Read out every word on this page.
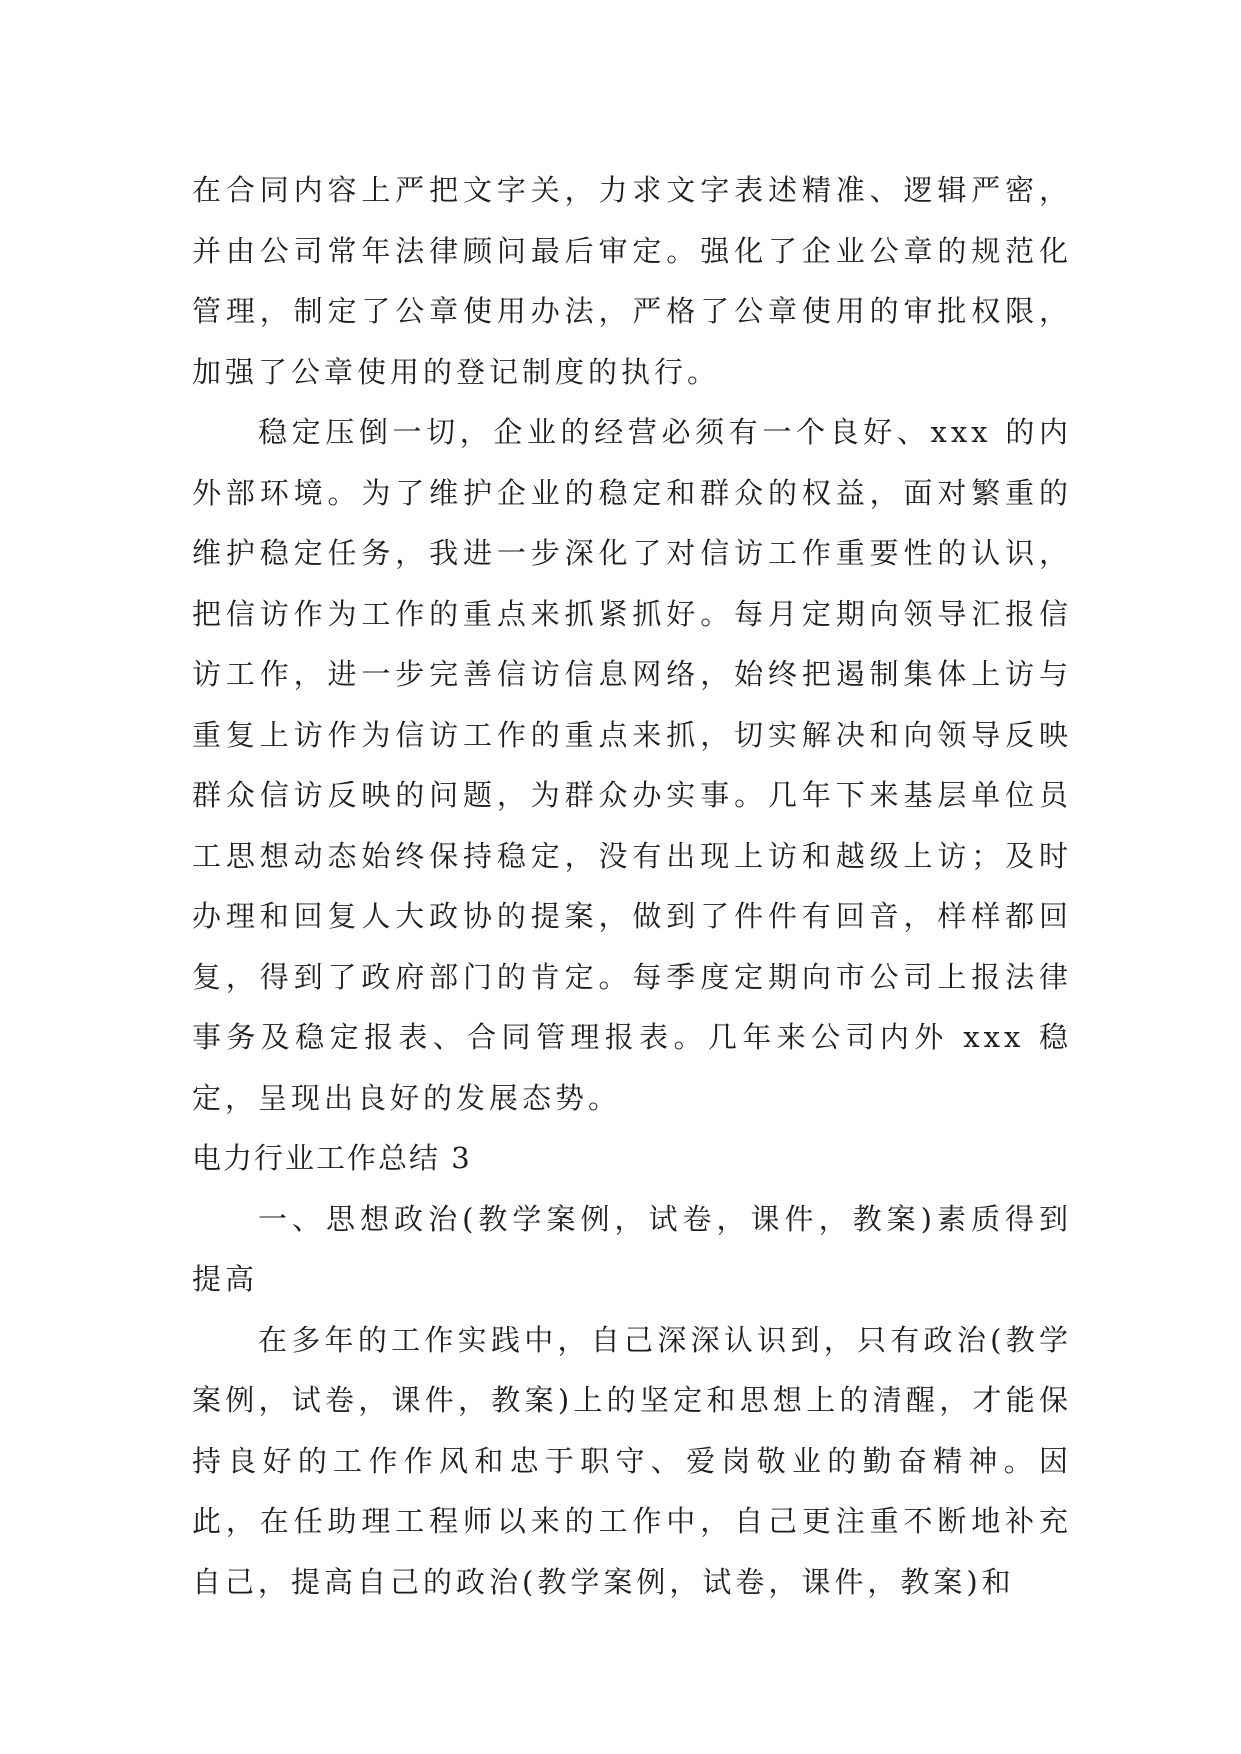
在合同内容上严把文字关，力求文字表述精准、逻辑严密，并由公司常年法律顾问最后审定。强化了企业公章的规范化管理，制定了公章使用办法，严格了公章使用的审批权限，加强了公章使用的登记制度的执行。

稳定压倒一切，企业的经营必须有一个良好、xxx 的内外部环境。为了维护企业的稳定和群众的权益，面对繁重的维护稳定任务，我进一步深化了对信访工作重要性的认识，把信访作为工作的重点来抓紧抓好。每月定期向领导汇报信访工作，进一步完善信访信息网络，始终把遏制集体上访与重复上访作为信访工作的重点来抓，切实解决和向领导反映群众信访反映的问题，为群众办实事。几年下来基层单位员工思想动态始终保持稳定，没有出现上访和越级上访；及时办理和回复人大政协的提案，做到了件件有回音，样样都回复，得到了政府部门的肯定。每季度定期向市公司上报法律事务及稳定报表、合同管理报表。几年来公司内外 xxx 稳定，呈现出良好的发展态势。

电力行业工作总结 3

一、思想政治(教学案例，试卷，课件，教案)素质得到提高

在多年的工作实践中，自己深深认识到，只有政治(教学案例，试卷，课件，教案)上的坚定和思想上的清醒，才能保持良好的工作作风和忠于职守、爱岗敬业的勤奋精神。因此，在任助理工程师以来的工作中，自己更注重不断地补充自己，提高自己的政治(教学案例，试卷，课件，教案)和
